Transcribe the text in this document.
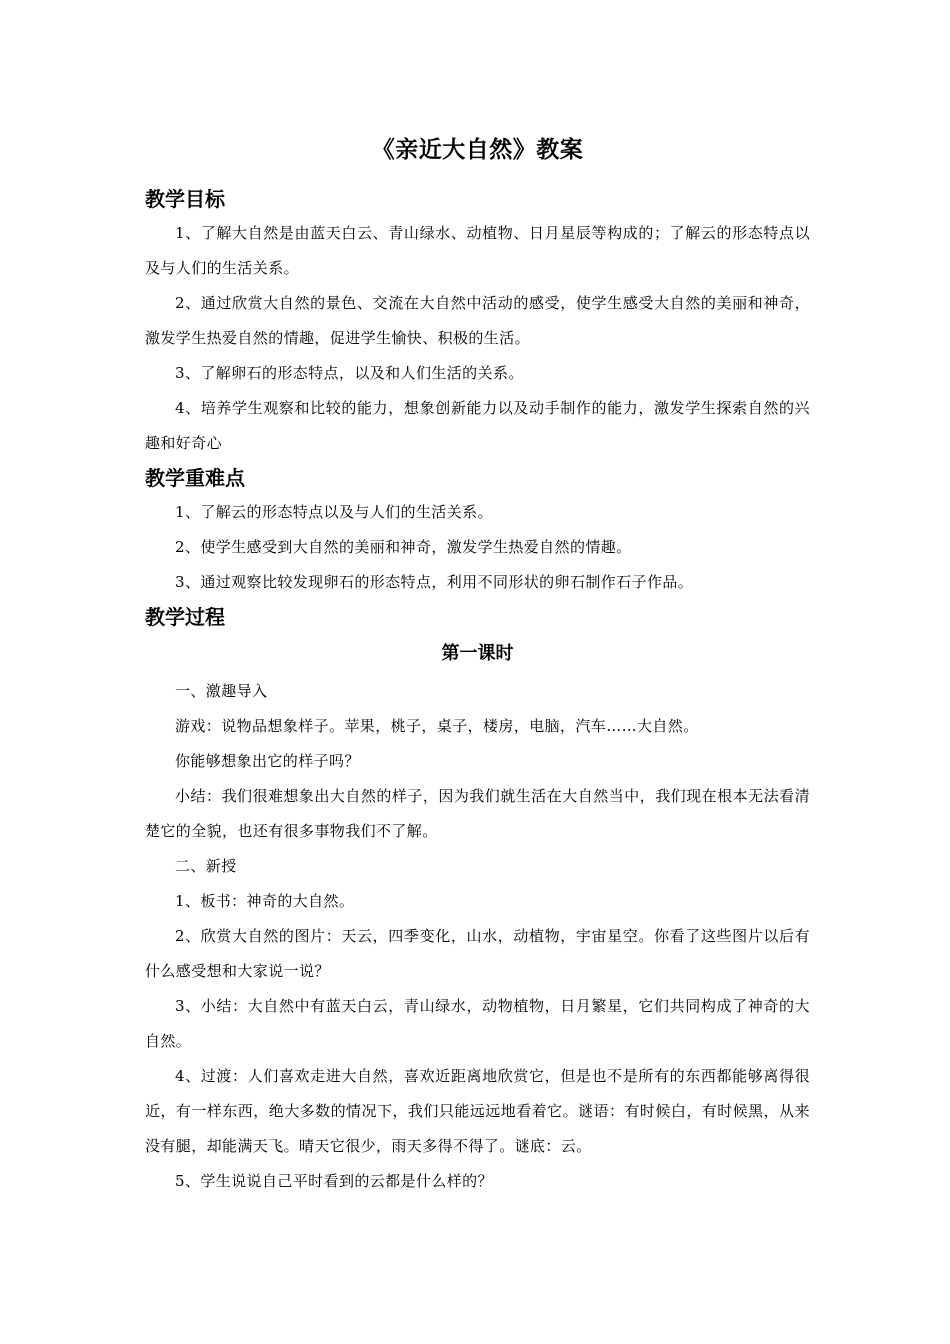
《亲近大自然》教案
教学目标

1、了解大自然是由蓝天白云、青山绿水、动植物、日月星辰等构成的；了解云的形态特点以及与人们的生活关系。

2、通过欣赏大自然的景色、交流在大自然中活动的感受，使学生感受大自然的美丽和神奇，激发学生热爱自然的情趣，促进学生愉快、积极的生活。

3、了解卵石的形态特点，以及和人们生活的关系。

4、培养学生观察和比较的能力，想象创新能力以及动手制作的能力，激发学生探索自然的兴趣和好奇心

教学重难点

1、了解云的形态特点以及与人们的生活关系。

2、使学生感受到大自然的美丽和神奇，激发学生热爱自然的情趣。

3、通过观察比较发现卵石的形态特点，利用不同形状的卵石制作石子作品。

教学过程
第一课时

一、激趣导入

游戏：说物品想象样子。苹果，桃子，桌子，楼房，电脑，汽车……大自然。

你能够想象出它的样子吗？

小结：我们很难想象出大自然的样子，因为我们就生活在大自然当中，我们现在根本无法看清楚它的全貌，也还有很多事物我们不了解。

二、新授

1、板书：神奇的大自然。

2、欣赏大自然的图片：天云，四季变化，山水，动植物，宇宙星空。你看了这些图片以后有什么感受想和大家说一说？

3、小结：大自然中有蓝天白云，青山绿水，动物植物，日月繁星，它们共同构成了神奇的大自然。

4、过渡：人们喜欢走进大自然，喜欢近距离地欣赏它，但是也不是所有的东西都能够离得很近，有一样东西，绝大多数的情况下，我们只能远远地看着它。谜语：有时候白，有时候黑，从来没有腿，却能满天飞。晴天它很少，雨天多得不得了。谜底：云。

5、学生说说自己平时看到的云都是什么样的？
